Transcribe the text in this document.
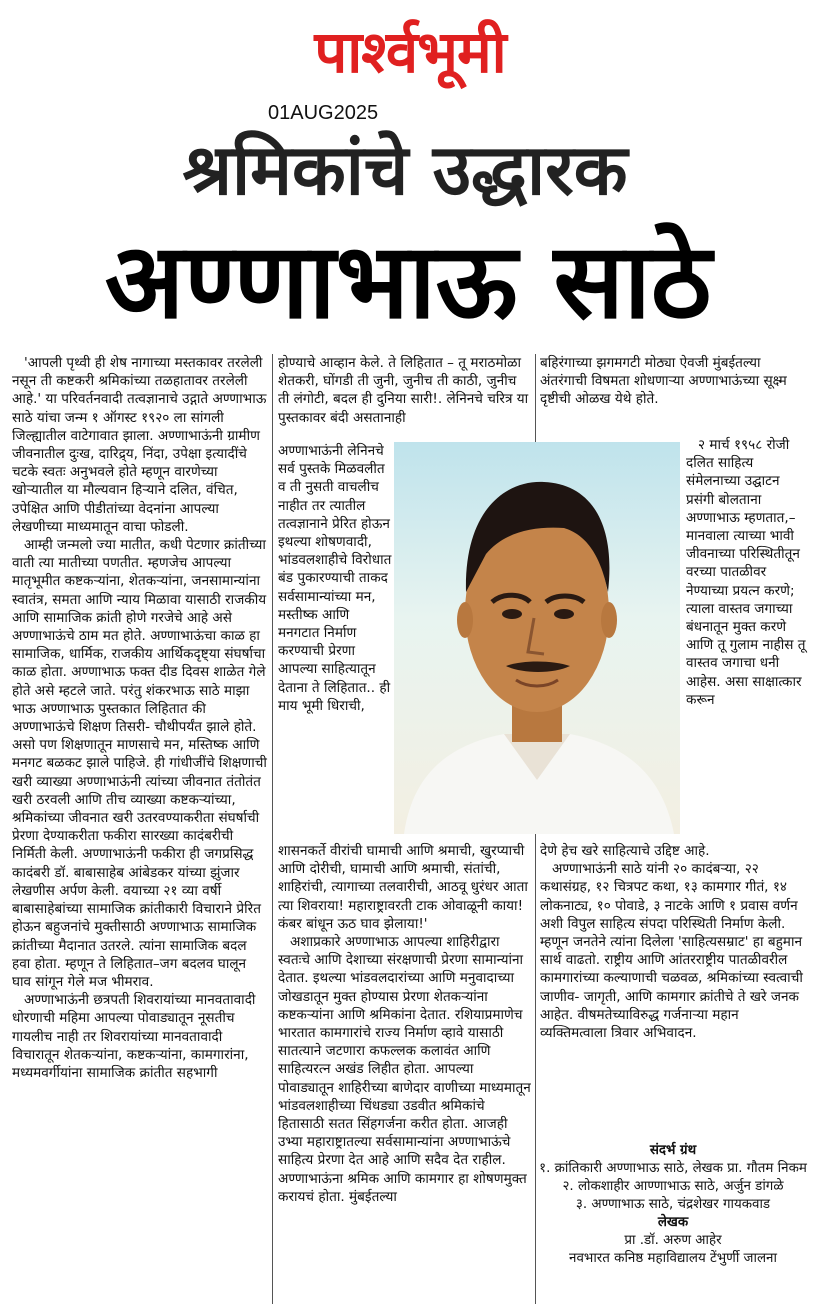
पार्श्वभूमी
01AUG2025
श्रमिकांचे उद्धारक
अण्णाभाऊ साठे

'आपली पृथ्वी ही शेष नागाच्या मस्तकावर तरलेली नसून ती कष्टकरी श्रमिकांच्या तळहातावर तरलेली आहे.' या परिवर्तनवादी तत्वज्ञानाचे उद्गाते अण्णाभाऊ साठे यांचा जन्म १ ऑगस्ट १९२० ला सांगली जिल्ह्यातील वाटेगावात झाला. अण्णाभाऊंनी ग्रामीण जीवनातील दुःख, दारिद्र्य, निंदा, उपेक्षा इत्यादींचे चटके स्वतः अनुभवले होते म्हणून वारणेच्या खोऱ्यातील या मौल्यवान हिऱ्याने दलित, वंचित, उपेक्षित आणि पीडीतांच्या वेदनांना आपल्या लेखणीच्या माध्यमातून वाचा फोडली.

आम्ही जन्मलो ज्या मातीत, कधी पेटणार क्रांतीच्या वाती त्या मातीच्या पणतीत. म्हणजेच आपल्या मातृभूमीत कष्टकऱ्यांना, शेतकऱ्यांना, जनसामान्यांना स्वातंत्र, समता आणि न्याय मिळावा यासाठी राजकीय आणि सामाजिक क्रांती होणे गरजेचे आहे असे अण्णाभाऊंचे ठाम मत होते. अण्णाभाऊंचा काळ हा सामाजिक, धार्मिक, राजकीय आर्थिकदृष्ट्या संघर्षाचा काळ होता. अण्णाभाऊ फक्त दीड दिवस शाळेत गेले होते असे म्हटले जाते. परंतु शंकरभाऊ साठे माझा भाऊ अण्णाभाऊ पुस्तकात लिहितात की अण्णाभाऊंचे शिक्षण तिसरी- चौथीपर्यंत झाले होते. असो पण शिक्षणातून माणसाचे मन, मस्तिष्क आणि मनगट बळकट झाले पाहिजे. ही गांधीजींचे शिक्षणाची खरी व्याख्या अण्णाभाऊंनी त्यांच्या जीवनात तंतोतंत खरी ठरवली आणि तीच व्याख्या कष्टकऱ्यांच्या, श्रमिकांच्या जीवनात खरी उतरवण्याकरीता संघर्षाची प्रेरणा देण्याकरीता फकीरा सारख्या कादंबरीची निर्मिती केली. अण्णाभाऊंनी फकीरा ही जगप्रसिद्ध कादंबरी डॉ. बाबासाहेब आंबेडकर यांच्या झुंजार लेखणीस अर्पण केली. वयाच्या २१ व्या वर्षी बाबासाहेबांच्या सामाजिक क्रांतीकारी विचाराने प्रेरित होऊन बहुजनांचे मुक्तीसाठी अण्णाभाऊ सामाजिक क्रांतीच्या मैदानात उतरले. त्यांना सामाजिक बदल हवा होता. म्हणून ते लिहितात–जग बदलव घालून घाव सांगून गेले मज भीमराव.

अण्णाभाऊंनी छत्रपती शिवरायांच्या मानवतावादी धोरणाची महिमा आपल्या पोवाड्यातून नूसतीच गायलीच नाही तर शिवरायांच्या मानवतावादी विचारातून शेतकऱ्यांना, कष्टकऱ्यांना, कामगारांना, मध्यमवर्गीयांना सामाजिक क्रांतीत सहभागी

होण्याचे आव्हान केले. ते लिहितात – तू मराठमोळा शेतकरी, घोंगडी ती जुनी, जुनीच ती काठी, जुनीच ती लंगोटी, बदल ही दुनिया सारी!. लेनिनचे चरित्र या पुस्तकावर बंदी असतानाही

अण्णाभाऊंनी लेनिनचे सर्व पुस्तके मिळवलीत व ती नुसती वाचलीच नाहीत तर त्यातील तत्वज्ञानाने प्रेरित होऊन इथल्या शोषणवादी, भांडवलशाहीचे विरोधात बंड पुकारण्याची ताकद सर्वसामान्यांच्या मन, मस्तीष्क आणि मनगटात निर्माण करण्याची प्रेरणा आपल्या साहित्यातून देताना ते लिहितात.. ही माय भूमी धिराची,

शासनकर्ते वीरांची घामाची आणि श्रमाची, खुरप्याची आणि दोरीची, घामाची आणि श्रमाची, संतांची, शाहिरांची, त्यागाच्या तलवारीची, आठवू धुरंधर आता त्या शिवराया! महाराष्ट्रावरती टाक ओवाळूनी काया! कंबर बांधून ऊठ घाव झेलाया!'

अशाप्रकारे अण्णाभाऊ आपल्या शाहिरीद्वारा स्वतःचे आणि देशाच्या संरक्षणाची प्रेरणा सामान्यांना देतात. इथल्या भांडवलदारांच्या आणि मनुवादाच्या जोखडातून मुक्त होण्यास प्रेरणा शेतकऱ्यांना कष्टकऱ्यांना आणि श्रमिकांना देतात. रशियाप्रमाणेच भारतात कामगारांचे राज्य निर्माण व्हावे यासाठी सातत्याने जटणारा कफल्लक कलावंत आणि साहित्यरत्न अखंड लिहीत होता. आपल्या पोवाड्यातून शाहिरीच्या बाणेदार वाणीच्या माध्यमातून भांडवलशाहीच्या चिंधड्या उडवीत श्रमिकांचे हितासाठी सतत सिंहगर्जना करीत होता. आजही उभ्या महाराष्ट्रातल्या सर्वसामान्यांना अण्णाभाऊंचे साहित्य प्रेरणा देत आहे आणि सदैव देत राहील. अण्णाभाऊंना श्रमिक आणि कामगार हा शोषणमुक्त करायचं होता. मुंबईतल्या

बहिरंगाच्या झगमगटी मोठ्या ऐवजी मुंबईतल्या अंतरंगाची विषमता शोधणाऱ्या अण्णाभाऊंच्या सूक्ष्म दृष्टीची ओळख येथे होते.

२ मार्च १९५८ रोजी दलित साहित्य संमेलनाच्या उद्घाटन प्रसंगी बोलताना अण्णाभाऊ म्हणतात,– मानवाला त्याच्या भावी जीवनाच्या परिस्थितीतून वरच्या पातळीवर नेण्याच्या प्रयत्न करणे; त्याला वास्तव जगाच्या बंधनातून मुक्त करणे आणि तू गुलाम नाहीस तू वास्तव जगाचा धनी आहेस. असा साक्षात्कार करून

देणे हेच खरे साहित्याचे उद्दिष्ट आहे.

अण्णाभाऊंनी साठे यांनी २० कादंबऱ्या, २२ कथासंग्रह, १२ चित्रपट कथा, १३ कामगार गीतं, १४ लोकनाट्य, १० पोवाडे, ३ नाटके आणि १ प्रवास वर्णन अशी विपुल साहित्य संपदा परिस्थिती निर्माण केली. म्हणून जनतेने त्यांना दिलेला 'साहित्यसम्राट' हा बहुमान सार्थ वाढतो. राष्ट्रीय आणि आंतरराष्ट्रीय पातळीवरील कामगारांच्या कल्याणाची चळवळ, श्रमिकांच्या स्वत्वाची जाणीव- जागृती, आणि कामगार क्रांतीचे ते खरे जनक आहेत. वीषमतेच्याविरुद्ध गर्जनाऱ्या महान व्यक्तिमत्वाला त्रिवार अभिवादन.

संदर्भ ग्रंथ
१. क्रांतिकारी अण्णाभाऊ साठे, लेखक प्रा. गौतम निकम
२. लोकशाहीर आण्णाभाऊ साठे, अर्जुन डांगळे
३. अण्णाभाऊ साठे, चंद्रशेखर गायकवाड
लेखक
प्रा .डॉ. अरुण आहेर
नवभारत कनिष्ठ महाविद्यालय टेंभुर्णी जालना
